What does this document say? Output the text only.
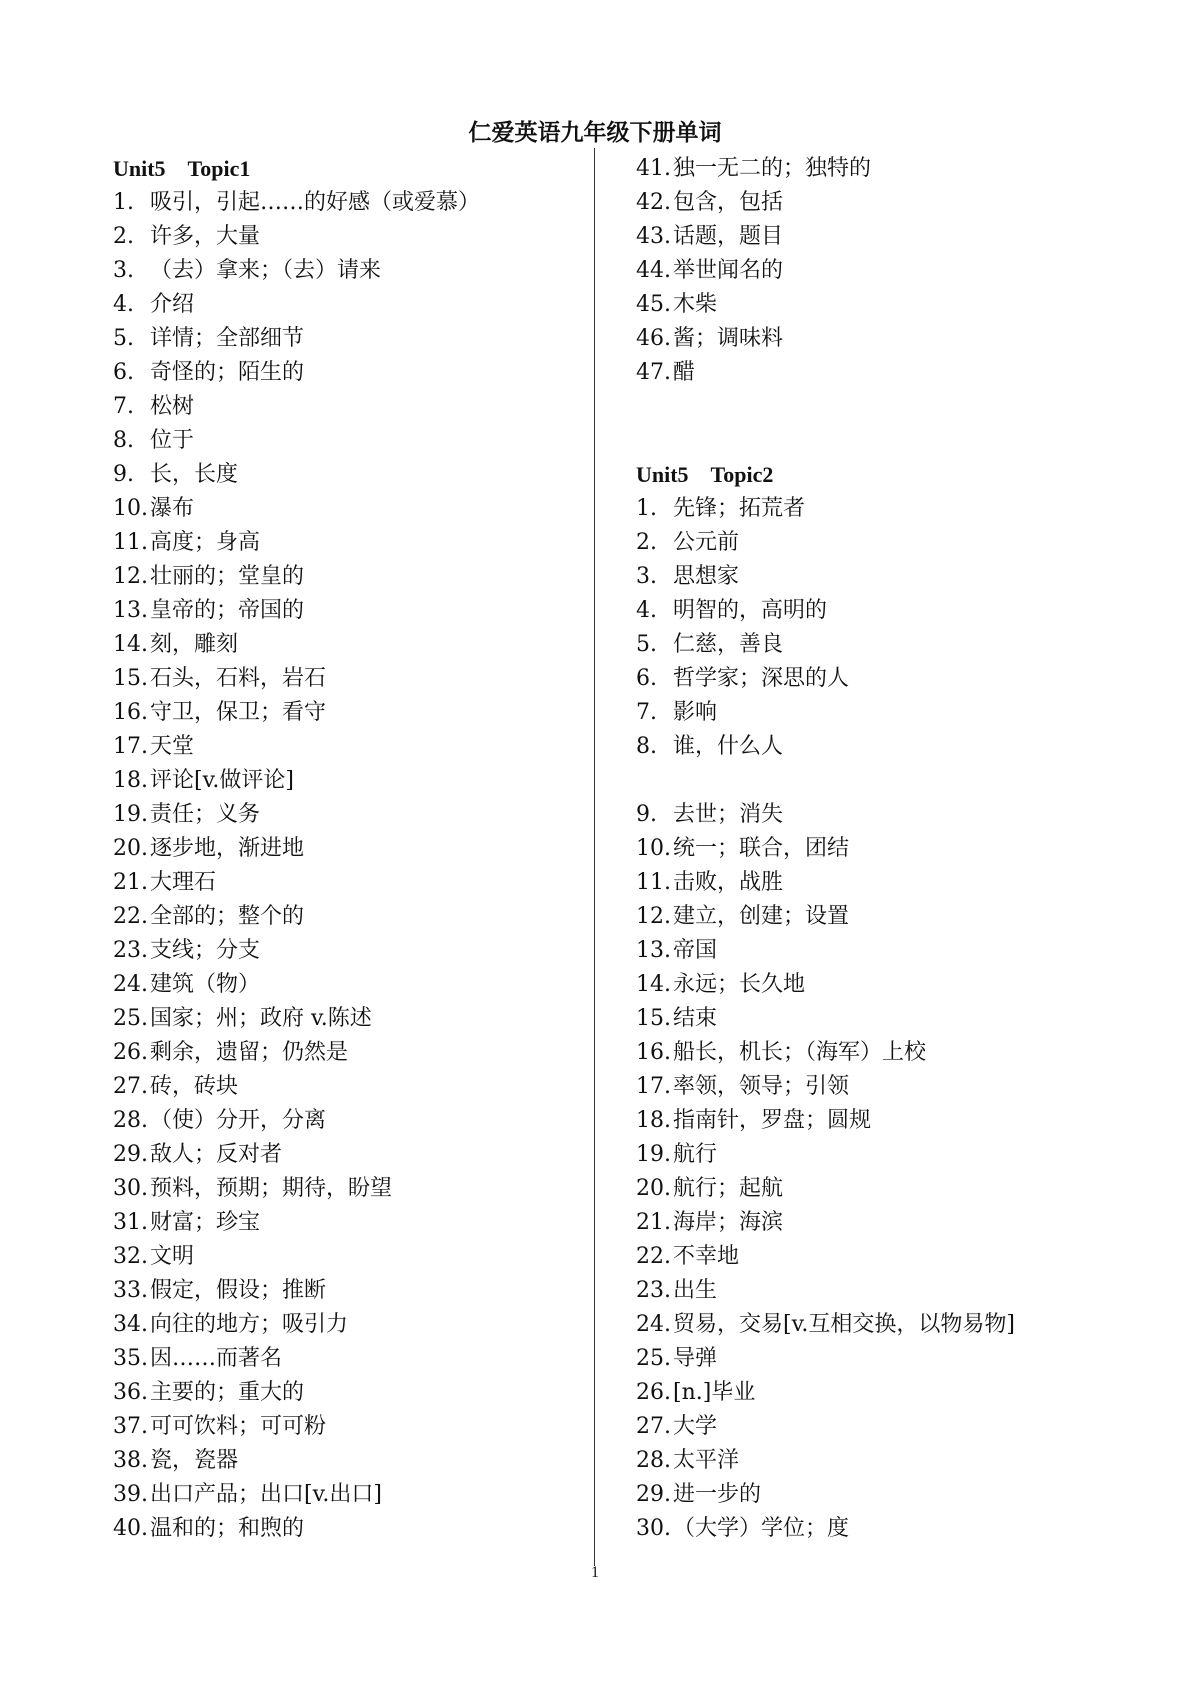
仁爱英语九年级下册单词
Unit5　Topic1
1. 吸引，引起……的好感（或爱慕）
2. 许多，大量
3. （去）拿来；（去）请来
4. 介绍
5. 详情；全部细节
6. 奇怪的；陌生的
7. 松树
8. 位于
9. 长，长度
10.瀑布
11.高度；身高
12.壮丽的；堂皇的
13.皇帝的；帝国的
14.刻，雕刻
15.石头，石料，岩石
16.守卫，保卫；看守
17.天堂
18.评论[v.做评论]
19.责任；义务
20.逐步地，渐进地
21.大理石
22.全部的；整个的
23.支线；分支
24.建筑（物）
25.国家；州；政府 v.陈述
26.剩余，遗留；仍然是
27.砖，砖块
28.（使）分开，分离
29.敌人；反对者
30.预料，预期；期待，盼望
31.财富；珍宝
32.文明
33.假定，假设；推断
34.向往的地方；吸引力
35.因……而著名
36.主要的；重大的
37.可可饮料；可可粉
38.瓷，瓷器
39.出口产品；出口[v.出口]
40.温和的；和煦的
41.独一无二的；独特的
42.包含，包括
43.话题，题目
44.举世闻名的
45.木柴
46.酱；调味料
47.醋
Unit5　Topic2
1. 先锋；拓荒者
2. 公元前
3. 思想家
4. 明智的，高明的
5. 仁慈，善良
6. 哲学家；深思的人
7. 影响
8. 谁，什么人
9. 去世；消失
10.统一；联合，团结
11.击败，战胜
12.建立，创建；设置
13.帝国
14.永远；长久地
15.结束
16.船长，机长；（海军）上校
17.率领，领导；引领
18.指南针，罗盘；圆规
19.航行
20.航行；起航
21.海岸；海滨
22.不幸地
23.出生
24.贸易，交易[v.互相交换，以物易物]
25.导弹
26.[n.]毕业
27.大学
28.太平洋
29.进一步的
30.（大学）学位；度
1
